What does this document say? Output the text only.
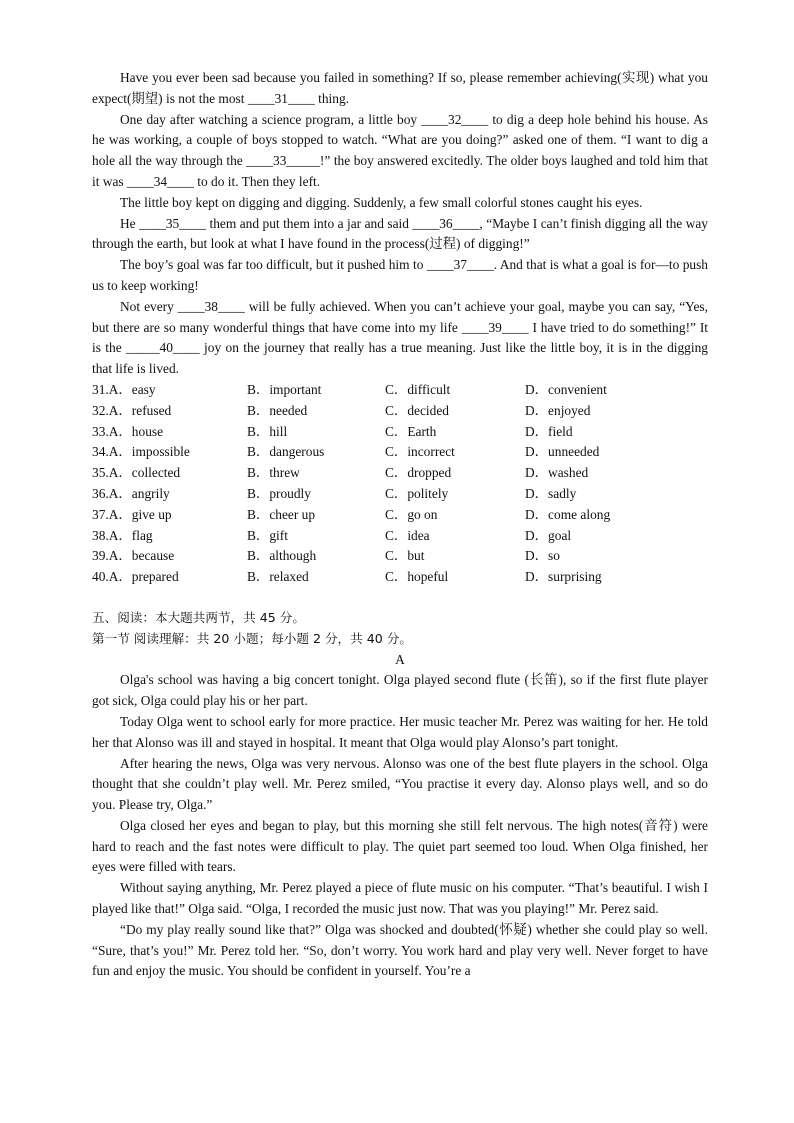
Have you ever been sad because you failed in something? If so, please remember achieving(实现) what you expect(期望) is not the most ____31____ thing.

One day after watching a science program, a little boy ____32____ to dig a deep hole behind his house. As he was working, a couple of boys stopped to watch. “What are you doing?” asked one of them. “I want to dig a hole all the way through the ____33_____!” the boy answered excitedly. The older boys laughed and told him that it was ____34____ to do it. Then they left.

The little boy kept on digging and digging. Suddenly, a few small colorful stones caught his eyes.

He ____35____ them and put them into a jar and said ____36____, “Maybe I can’t finish digging all the way through the earth, but look at what I have found in the process(过程) of digging!”

The boy’s goal was far too difficult, but it pushed him to ____37____. And that is what a goal is for—to push us to keep working!

Not every ____38____ will be fully achieved. When you can’t achieve your goal, maybe you can say, “Yes, but there are so many wonderful things that have come into my life ____39____ I have tried to do something!” It is the _____40____ joy on the journey that really has a true meaning. Just like the little boy, it is in the digging that life is lived.

31.A．easy	B．important	C．difficult	D．convenient
32.A．refused	B．needed	C．decided	D．enjoyed
33.A．house	B．hill	C．Earth	D．field
34.A．impossible	B．dangerous	C．incorrect	D．unneeded
35.A．collected	B．threw	C．dropped	D．washed
36.A．angrily	B．proudly	C．politely	D．sadly
37.A．give up	B．cheer up	C．go on	D．come along
38.A．flag	B．gift	C．idea	D．goal
39.A．because	B．although	C．but	D．so
40.A．prepared	B．relaxed	C．hopeful	D．surprising
五、阅读：本大题共两节，共 45 分。
第一节 阅读理解：共 20 小题；每小题 2 分，共 40 分。

A

Olga's school was having a big concert tonight. Olga played second flute (长笛), so if the first flute player got sick, Olga could play his or her part.

Today Olga went to school early for more practice. Her music teacher Mr. Perez was waiting for her. He told her that Alonso was ill and stayed in hospital. It meant that Olga would play Alonso’s part tonight.

After hearing the news, Olga was very nervous. Alonso was one of the best flute players in the school. Olga thought that she couldn’t play well. Mr. Perez smiled, “You practise it every day. Alonso plays well, and so do you. Please try, Olga.”

Olga closed her eyes and began to play, but this morning she still felt nervous. The high notes(音符) were hard to reach and the fast notes were difficult to play. The quiet part seemed too loud. When Olga finished, her eyes were filled with tears.

Without saying anything, Mr. Perez played a piece of flute music on his computer. “That’s beautiful. I wish I played like that!” Olga said. “Olga, I recorded the music just now. That was you playing!” Mr. Perez said.

“Do my play really sound like that?” Olga was shocked and doubted(怀疑) whether she could play so well. “Sure, that’s you!” Mr. Perez told her. “So, don’t worry. You work hard and play very well. Never forget to have fun and enjoy the music. You should be confident in yourself. You’re a
